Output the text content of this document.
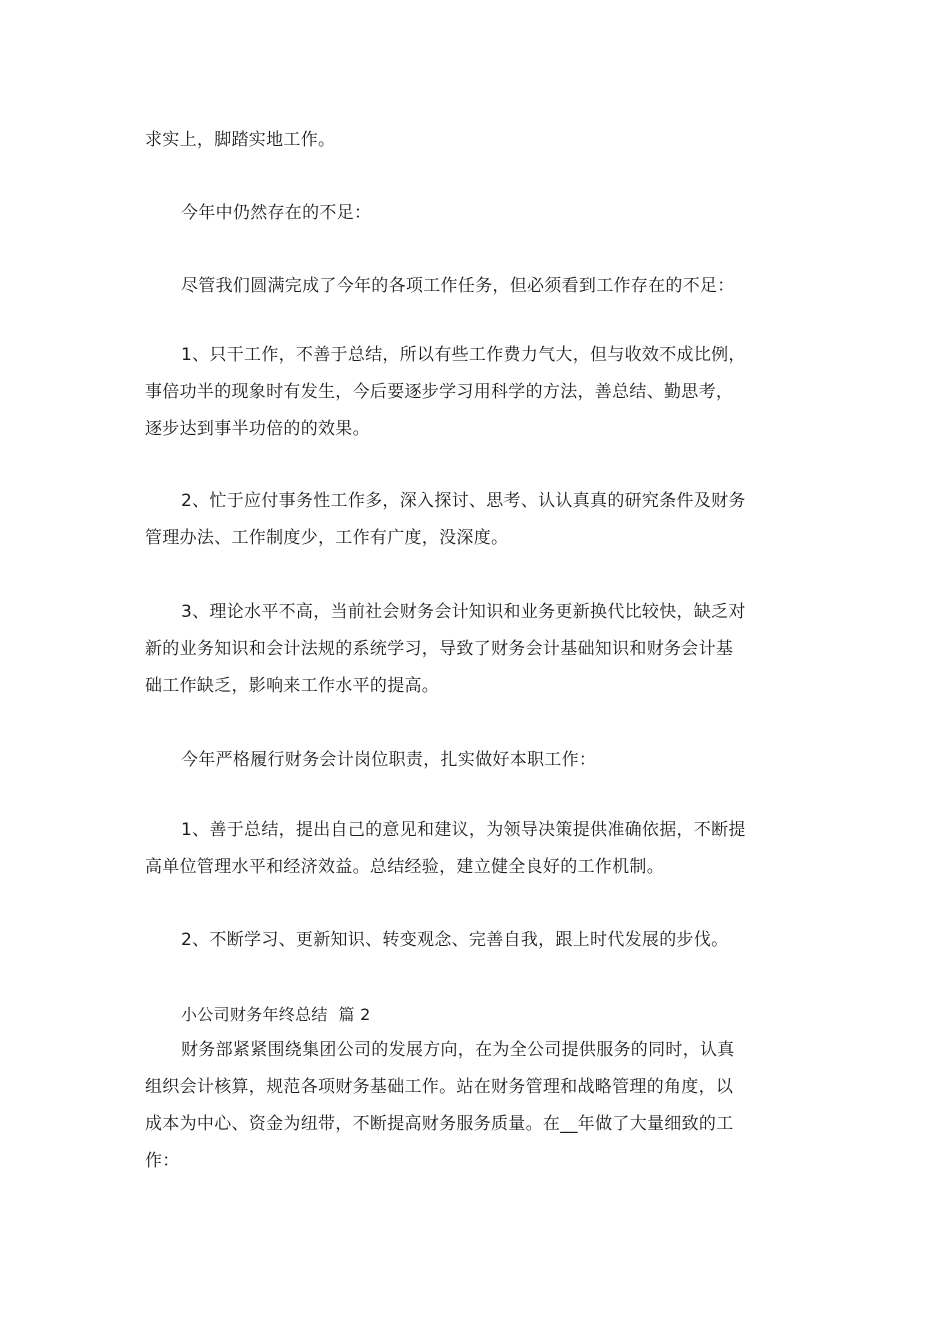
求实上，脚踏实地工作。

今年中仍然存在的不足：

尽管我们圆满完成了今年的各项工作任务，但必须看到工作存在的不足：

1、只干工作，不善于总结，所以有些工作费力气大，但与收效不成比例，
事倍功半的现象时有发生，今后要逐步学习用科学的方法，善总结、勤思考，
逐步达到事半功倍的的效果。

2、忙于应付事务性工作多，深入探讨、思考、认认真真的研究条件及财务
管理办法、工作制度少，工作有广度，没深度。

3、理论水平不高，当前社会财务会计知识和业务更新换代比较快，缺乏对
新的业务知识和会计法规的系统学习，导致了财务会计基础知识和财务会计基
础工作缺乏，影响来工作水平的提高。

今年严格履行财务会计岗位职责，扎实做好本职工作：

1、善于总结，提出自己的意见和建议，为领导决策提供准确依据，不断提
高单位管理水平和经济效益。总结经验，建立健全良好的工作机制。

2、不断学习、更新知识、转变观念、完善自我，跟上时代发展的步伐。

小公司财务年终总结  篇 2

财务部紧紧围绕集团公司的发展方向，在为全公司提供服务的同时，认真
组织会计核算，规范各项财务基础工作。站在财务管理和战略管理的角度，以
成本为中心、资金为纽带，不断提高财务服务质量。在__年做了大量细致的工
作：
